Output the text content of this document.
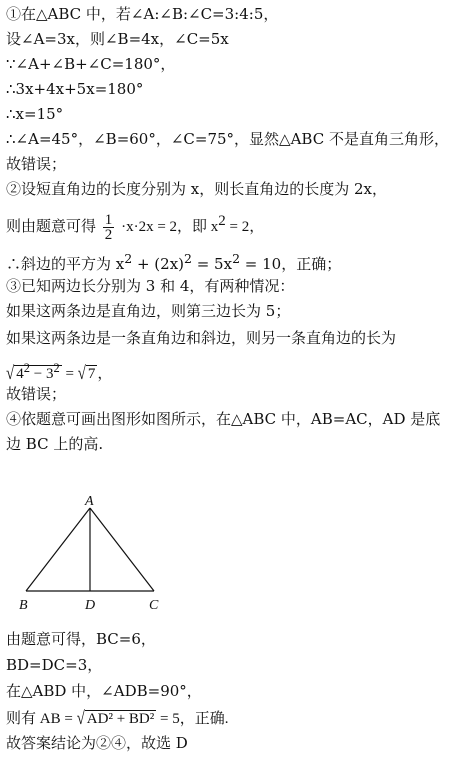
①在△ABC 中，若∠A:∠B:∠C=3:4:5，
设∠A=3x，则∠B=4x，∠C=5x
∵∠A+∠B+∠C=180°，
∴3x+4x+5x=180°
∴x=15°
∴∠A=45°，∠B=60°，∠C=75°，显然△ABC 不是直角三角形，
故错误；
②设短直角边的长度分别为 x，则长直角边的长度为 2x，
则由题意可得 $\frac{1}{2} \cdot x\cdot 2x = 2$，即 $x^2 = 2$，
∴斜边的平方为 $x^2 + (2x)^2 = 5x^2 = 10$，正确；
③已知两边长分别为 3 和 4，有两种情况：
如果这两条边是直角边，则第三边长为 5；
如果这两条边是一条直角边和斜边，则另一条直角边的长为
√ $4^2 - 3^2$ = √ 7 ，
故错误；
④依题意可画出图形如图所示，在△ABC 中，AB=AC，AD 是底
边 BC 上的高.
A
B	D	C
由题意可得，BC=6，
BD=DC=3，
在△ABD 中，∠ADB=90°，
则有 AB = √ AD² + BD² = 5，正确.
故答案结论为②④，故选 D
